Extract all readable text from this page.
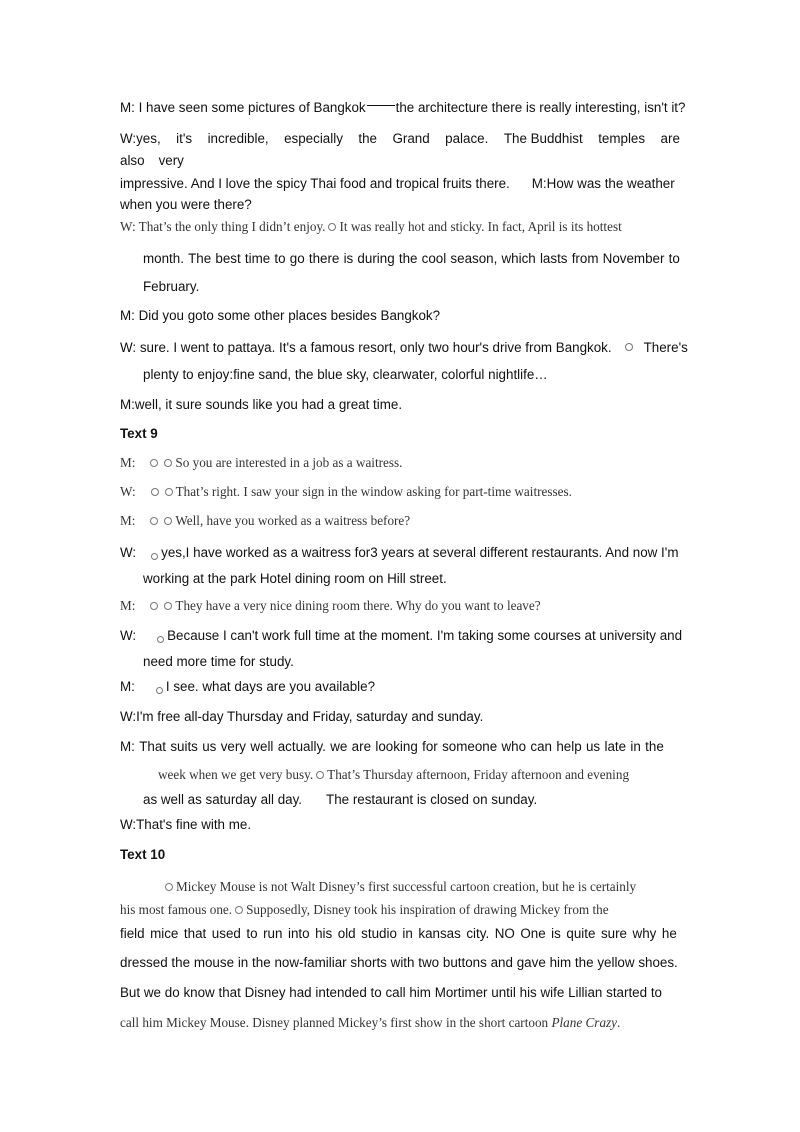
M: I have seen some pictures of Bangkok the architecture there is really interesting, isn't it?
W:yes, it's incredible, especially the Grand palace. The Buddhist temples are
also very
impressive. And I love the spicy Thai food and tropical fruits there. M:How was the weather
when you were there?
W: That’s the only thing I didn’t enjoy. It was really hot and sticky. In fact, April is its hottest
month. The best time to go there is during the cool season, which lasts from November to
February.
M: Did you goto some other places besides Bangkok?
W: sure. I went to pattaya. It's a famous resort, only two hour's drive from Bangkok. There's
plenty to enjoy:fine sand, the blue sky, clearwater, colorful nightlife…
M:well, it sure sounds like you had a great time.
Text 9
M:	So you are interested in a job as a waitress.
W:	That’s right. I saw your sign in the window asking for part-time waitresses.
M:	Well, have you worked as a waitress before?
W: yes,I have worked as a waitress for3 years at several different restaurants. And now I'm
working at the park Hotel dining room on Hill street.
M:	They have a very nice dining room there. Why do you want to leave?
W: Because I can't work full time at the moment. I'm taking some courses at university and
need more time for study.
M: I see. what days are you available?
W:I'm free all-day Thursday and Friday, saturday and sunday.
M: That suits us very well actually. we are looking for someone who can help us late in the
week when we get very busy. That’s Thursday afternoon, Friday afternoon and evening
as well as saturday all day. The restaurant is closed on sunday.
W:That's fine with me.
Text 10
Mickey Mouse is not Walt Disney’s first successful cartoon creation, but he is certainly
his most famous one. Supposedly, Disney took his inspiration of drawing Mickey from the
field mice that used to run into his old studio in kansas city. NO One is quite sure why he
dressed the mouse in the now-familiar shorts with two buttons and gave him the yellow shoes.
But we do know that Disney had intended to call him Mortimer until his wife Lillian started to
call him Mickey Mouse. Disney planned Mickey’s first show in the short cartoon Plane Crazy.
